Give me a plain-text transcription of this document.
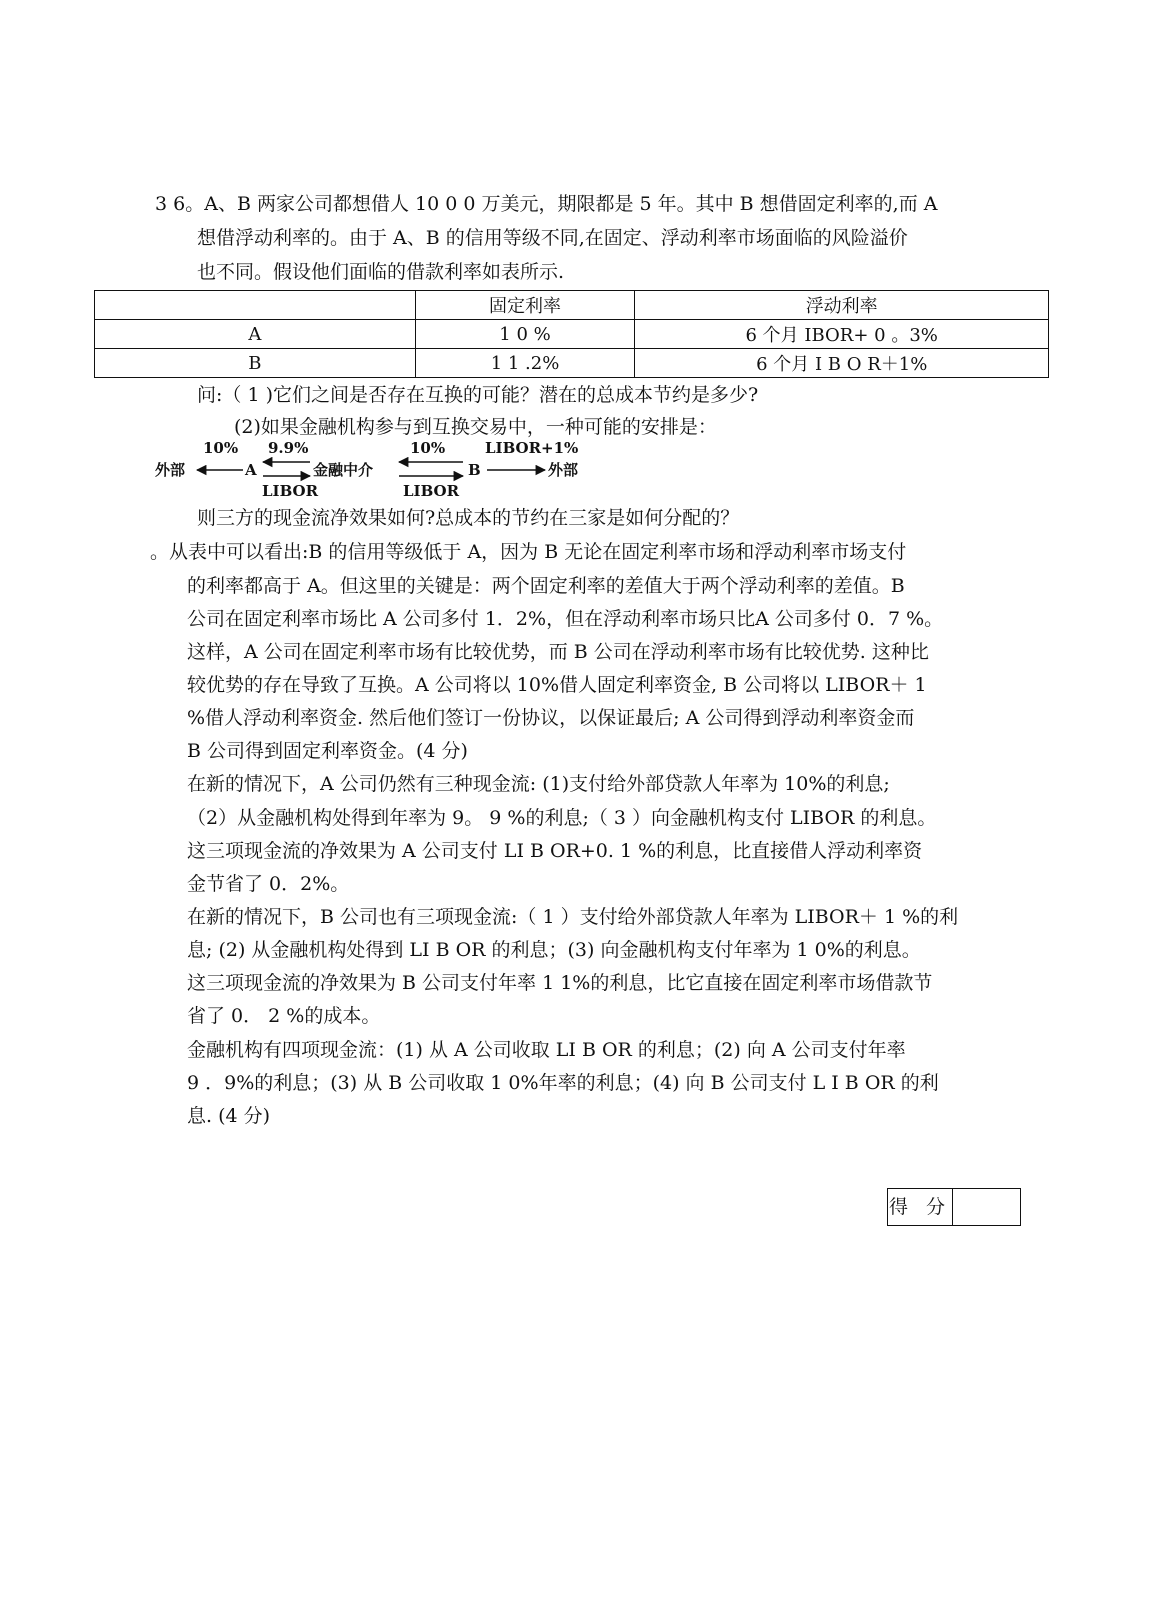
3 6。A、B 两家公司都想借人 10 0 0 万美元，期限都是 5 年。其中 B 想借固定利率的,而 A
想借浮动利率的。由于 A、B 的信用等级不同,在固定、浮动利率市场面临的风险溢价
也不同。假设他们面临的借款利率如表所示.
	固定利率	浮动利率
A	1 0 %	6 个月 IBOR+ 0 。3%
B	1 1 .2%	6 个月 I B O R＋1%
问:（ 1 )它们之间是否存在互换的可能？潜在的总成本节约是多少?
(2)如果金融机构参与到互换交易中，一种可能的安排是：
10% 9.9%	10%	LIBOR+1%
外部	A	金融中介	B	外部
LIBOR	LIBOR
则三方的现金流净效果如何?总成本的节约在三家是如何分配的？
。从表中可以看出:B 的信用等级低于 A，因为 B 无论在固定利率市场和浮动利率市场支付
的利率都高于 A。但这里的关键是：两个固定利率的差值大于两个浮动利率的差值。B
公司在固定利率市场比 A 公司多付 1．2%，但在浮动利率市场只比A 公司多付 0．7 %。
这样，A 公司在固定利率市场有比较优势，而 B 公司在浮动利率市场有比较优势. 这种比
较优势的存在导致了互换。A 公司将以 10%借人固定利率资金, B 公司将以 LIBOR＋ 1
%借人浮动利率资金. 然后他们签订一份协议，以保证最后; A 公司得到浮动利率资金而
B 公司得到固定利率资金。(4 分)
在新的情况下，A 公司仍然有三种现金流: (1)支付给外部贷款人年率为 10%的利息;
（2）从金融机构处得到年率为 9。 9 %的利息;（ 3 ）向金融机构支付 LIBOR 的利息。
这三项现金流的净效果为 A 公司支付 LI B OR+0. 1 %的利息，比直接借人浮动利率资
金节省了 0．2%。
在新的情况下，B 公司也有三项现金流:（ 1 ）支付给外部贷款人年率为 LIBOR＋ 1 %的利
息; (2) 从金融机构处得到 LI B OR 的利息；(3) 向金融机构支付年率为 1 0%的利息。
这三项现金流的净效果为 B 公司支付年率 1 1%的利息，比它直接在固定利率市场借款节
省了 0． 2 %的成本。
金融机构有四项现金流：(1) 从 A 公司收取 LI B OR 的利息；(2) 向 A 公司支付年率
9 ．9%的利息；(3) 从 B 公司收取 1 0%年率的利息；(4) 向 B 公司支付 L I B OR 的利
息. (4 分)
得 分
